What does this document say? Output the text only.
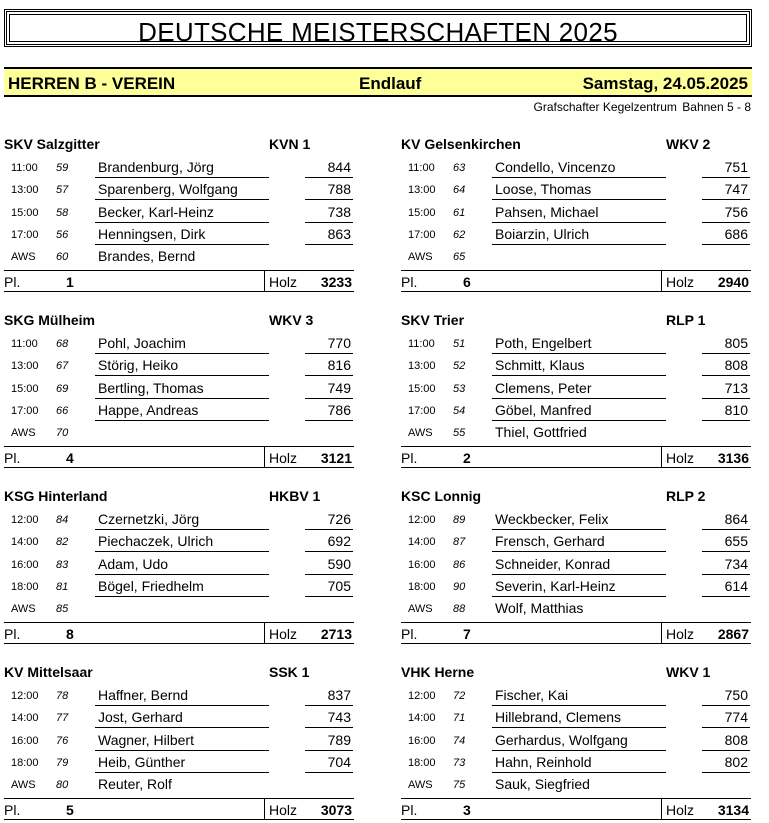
DEUTSCHE MEISTERSCHAFTEN 2025
HERREN B - VEREIN	Endlauf	Samstag, 24.05.2025
Grafschafter Kegelzentrum Bahnen 5 - 8
SKV Salzgitter	KVN 1
11:00	59	Brandenburg, Jörg	844
13:00	57	Sparenberg, Wolfgang	788
15:00	58	Becker, Karl-Heinz	738
17:00	56	Henningsen, Dirk	863
AWS	60	Brandes, Bernd
Pl.	1	Holz 3233
KV Gelsenkirchen	WKV 2
11:00	63	Condello, Vincenzo	751
13:00	64	Loose, Thomas	747
15:00	61	Pahsen, Michael	756
17:00	62	Boiarzin, Ulrich	686
AWS	65
Pl.	6	Holz 2940
SKG Mülheim	WKV 3
11:00	68	Pohl, Joachim	770
13:00	67	Störig, Heiko	816
15:00	69	Bertling, Thomas	749
17:00	66	Happe, Andreas	786
AWS	70
Pl.	4	Holz 3121
SKV Trier	RLP 1
11:00	51	Poth, Engelbert	805
13:00	52	Schmitt, Klaus	808
15:00	53	Clemens, Peter	713
17:00	54	Göbel, Manfred	810
AWS	55	Thiel, Gottfried
Pl.	2	Holz 3136
KSG Hinterland	HKBV 1
12:00	84	Czernetzki, Jörg	726
14:00	82	Piechaczek, Ulrich	692
16:00	83	Adam, Udo	590
18:00	81	Bögel, Friedhelm	705
AWS	85
Pl.	8	Holz 2713
KSC Lonnig	RLP 2
12:00	89	Weckbecker, Felix	864
14:00	87	Frensch, Gerhard	655
16:00	86	Schneider, Konrad	734
18:00	90	Severin, Karl-Heinz	614
AWS	88	Wolf, Matthias
Pl.	7	Holz 2867
KV Mittelsaar	SSK 1
12:00	78	Haffner, Bernd	837
14:00	77	Jost, Gerhard	743
16:00	76	Wagner, Hilbert	789
18:00	79	Heib, Günther	704
AWS	80	Reuter, Rolf
Pl.	5	Holz 3073
VHK Herne	WKV 1
12:00	72	Fischer, Kai	750
14:00	71	Hillebrand, Clemens	774
16:00	74	Gerhardus, Wolfgang	808
18:00	73	Hahn, Reinhold	802
AWS	75	Sauk, Siegfried
Pl.	3	Holz 3134
